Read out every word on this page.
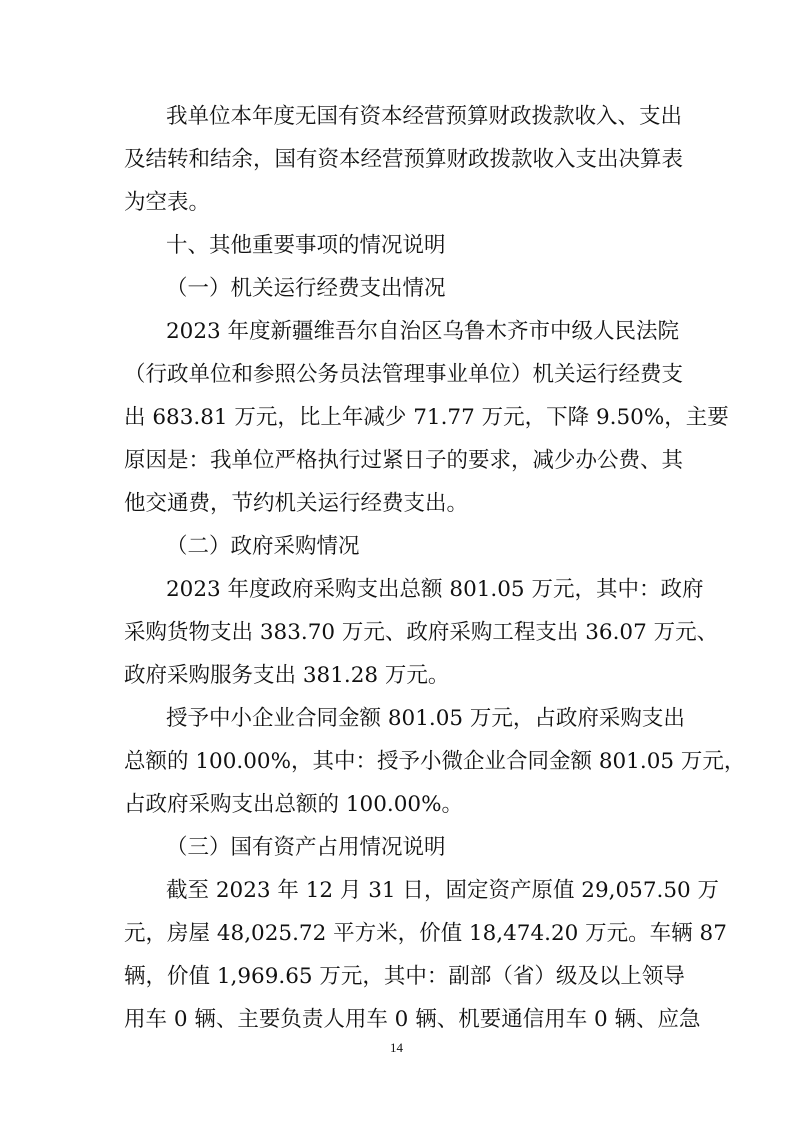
我单位本年度无国有资本经营预算财政拨款收入、支出
及结转和结余，国有资本经营预算财政拨款收入支出决算表
为空表。
十、其他重要事项的情况说明
（一）机关运行经费支出情况
2023 年度新疆维吾尔自治区乌鲁木齐市中级人民法院
（行政单位和参照公务员法管理事业单位）机关运行经费支
出 683.81 万元，比上年减少 71.77 万元，下降 9.50%，主要
原因是：我单位严格执行过紧日子的要求，减少办公费、其
他交通费，节约机关运行经费支出。
（二）政府采购情况
2023 年度政府采购支出总额 801.05 万元，其中：政府
采购货物支出 383.70 万元、政府采购工程支出 36.07 万元、
政府采购服务支出 381.28 万元。
授予中小企业合同金额 801.05 万元，占政府采购支出
总额的 100.00%，其中：授予小微企业合同金额 801.05 万元，
占政府采购支出总额的 100.00%。
（三）国有资产占用情况说明
截至 2023 年 12 月 31 日，固定资产原值 29,057.50 万
元，房屋 48,025.72 平方米，价值 18,474.20 万元。车辆 87
辆，价值 1,969.65 万元，其中：副部（省）级及以上领导
用车 0 辆、主要负责人用车 0 辆、机要通信用车 0 辆、应急
14
